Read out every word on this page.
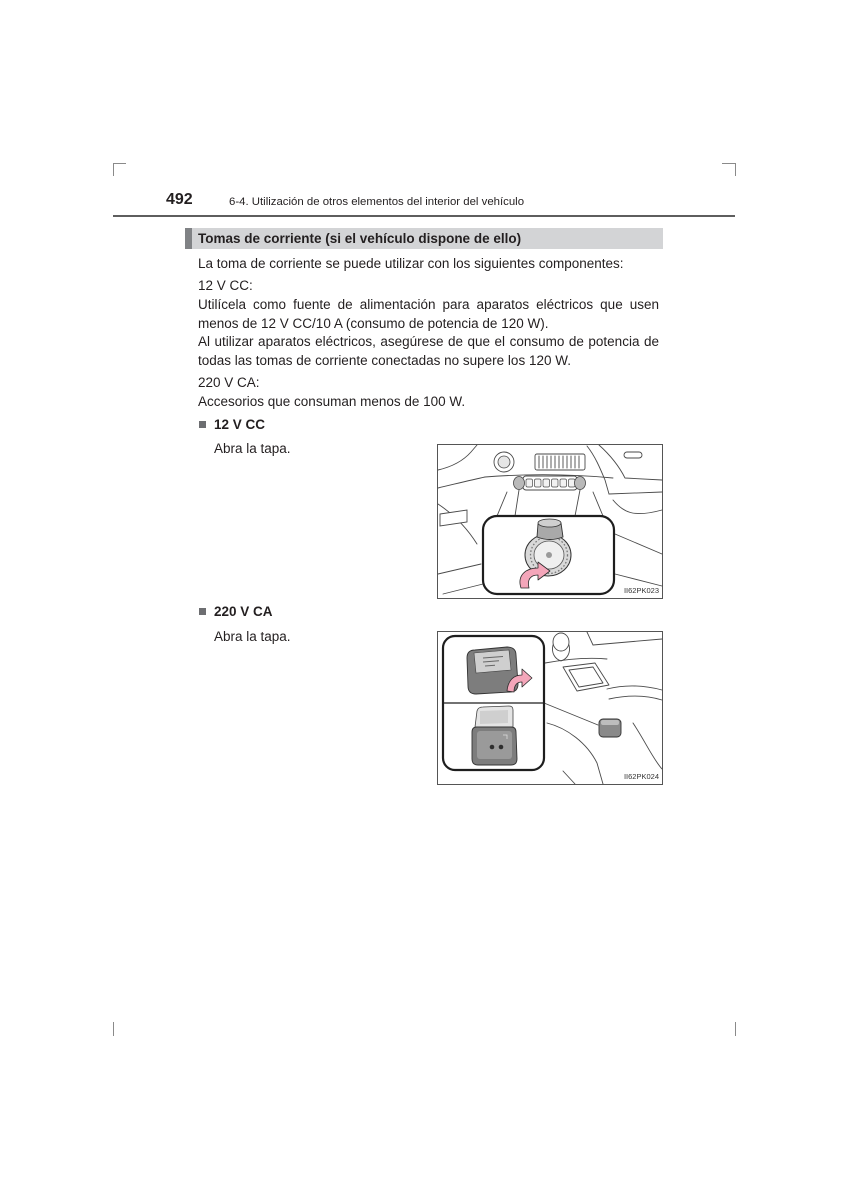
492	6-4. Utilización de otros elementos del interior del vehículo
Tomas de corriente (si el vehículo dispone de ello)
La toma de corriente se puede utilizar con los siguientes componentes:
12 V CC:
Utilícela como fuente de alimentación para aparatos eléctricos que usen menos de 12 V CC/10 A (consumo de potencia de 120 W).
Al utilizar aparatos eléctricos, asegúrese de que el consumo de potencia de todas las tomas de corriente conectadas no supere los 120 W.
220 V CA:
Accesorios que consuman menos de 100 W.
12 V CC
Abra la tapa.
II62PK023
220 V CA
Abra la tapa.
II62PK024
